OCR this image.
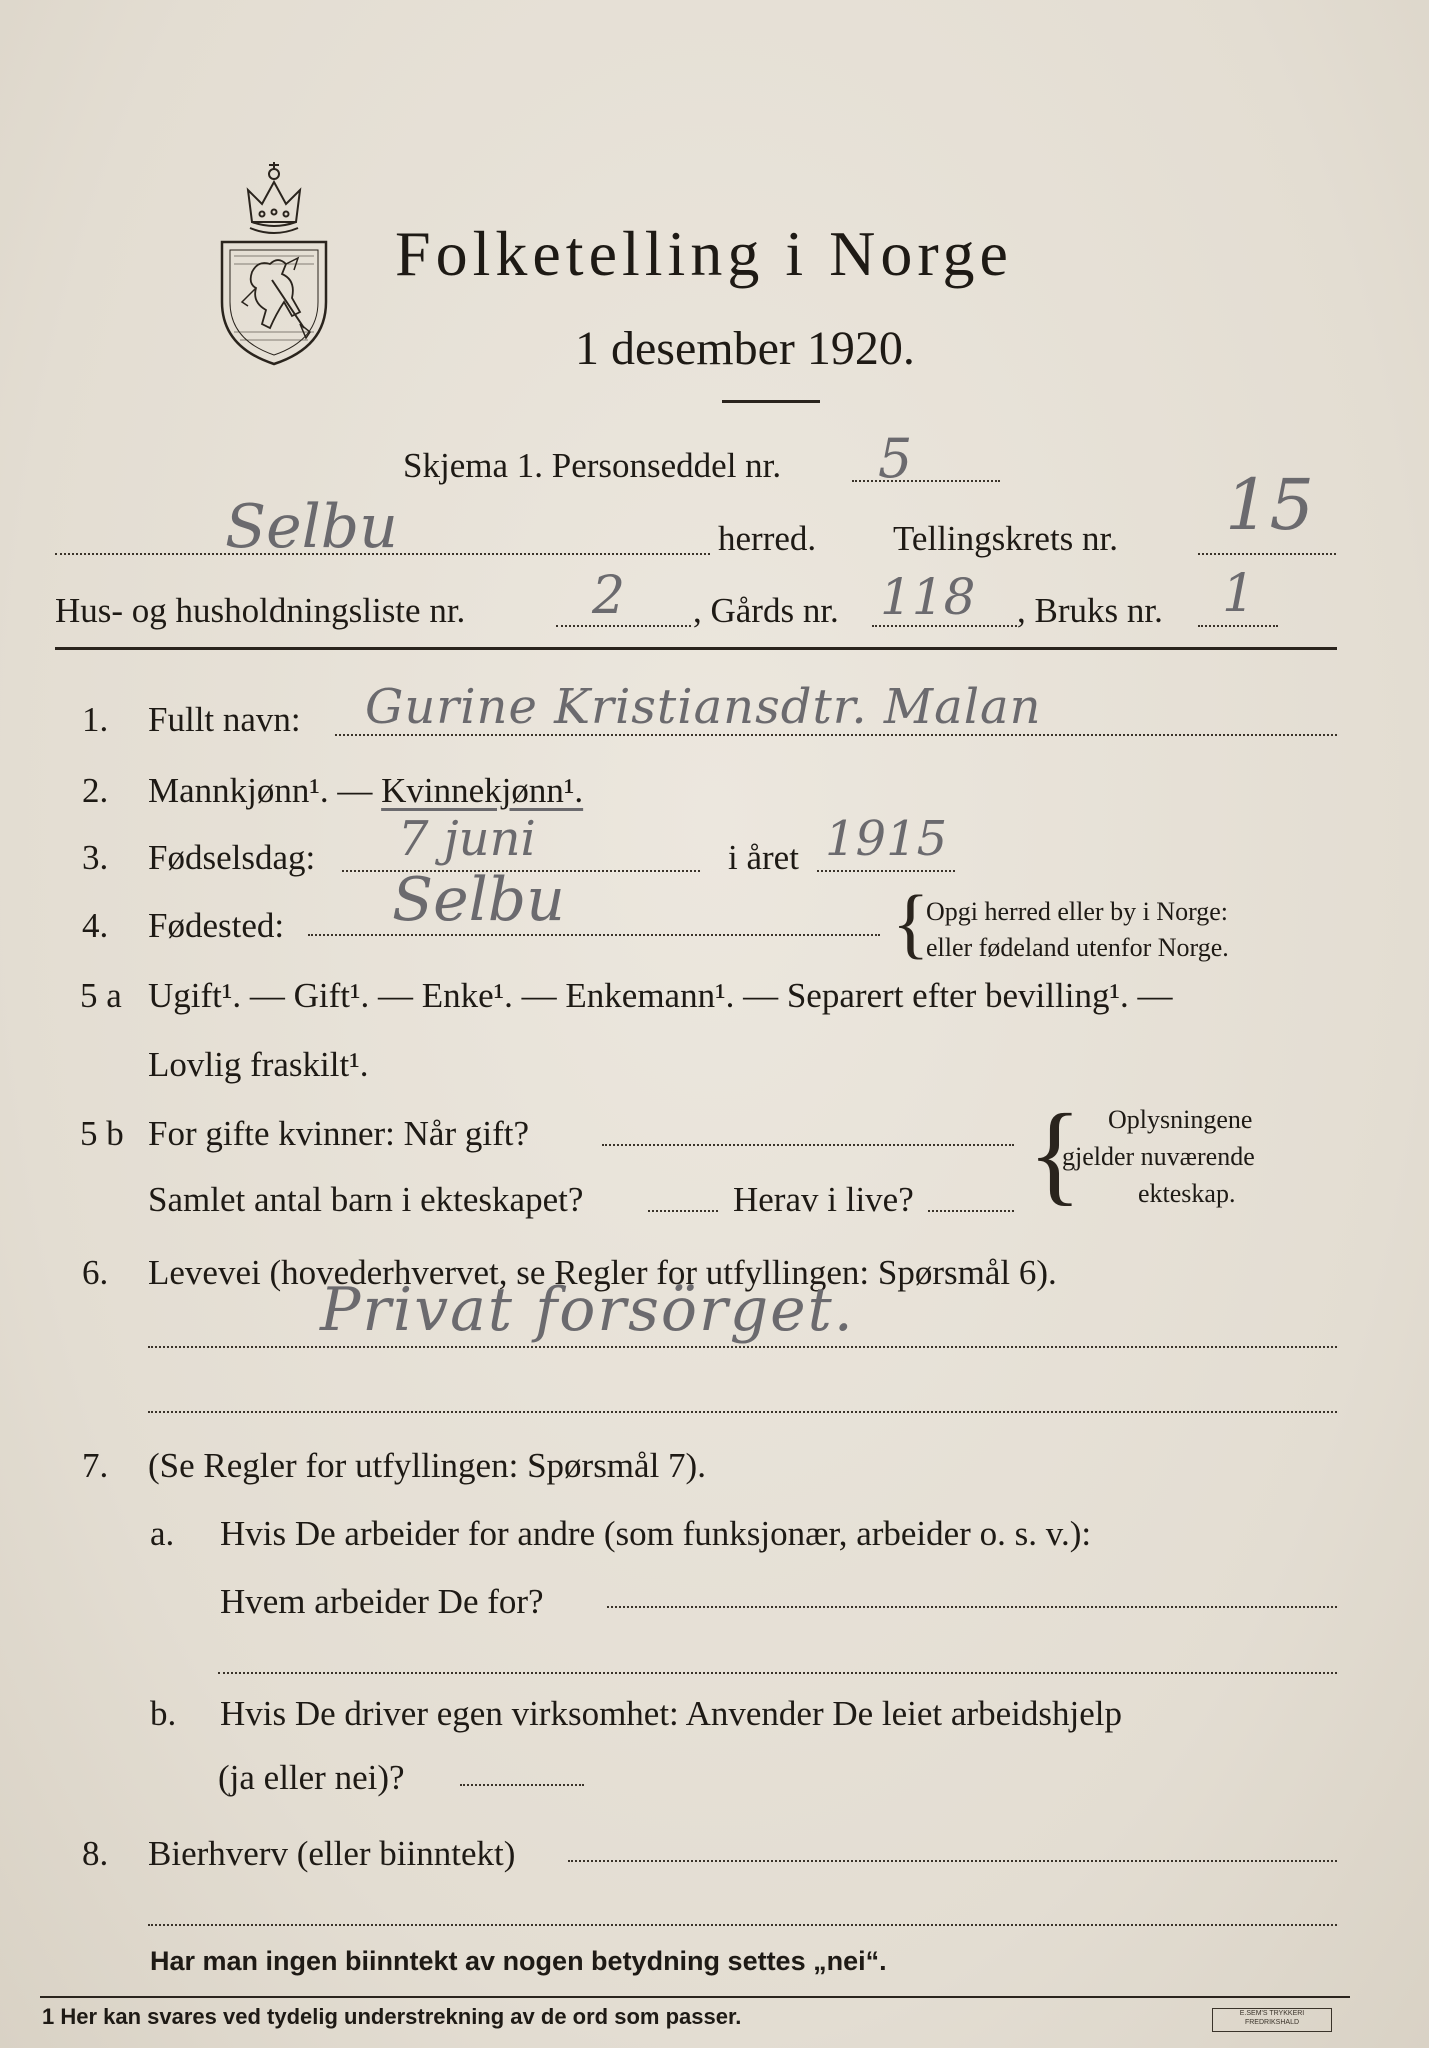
Folketelling i Norge
1 desember 1920.
Skjema 1. Personseddel nr. 5
Selbu	herred. Tellingskrets nr. 15
Hus- og husholdningsliste nr. 2 , Gårds nr. 118 , Bruks nr. 1
1. Fullt navn: Gurine Kristiansdtr. Malan
2. Mannkjønn¹. — Kvinnekjønn¹.
3. Fødselsdag: 7 juni	i året 1915
4. Fødested: Selbu	{
Opgi herred eller by i Norge:
eller fødeland utenfor Norge.
5 a Ugift¹. — Gift¹. — Enke¹. — Enkemann¹. — Separert efter bevilling¹. —
Lovlig fraskilt¹.
5 b For gifte kvinner: Når gift?
Samlet antal barn i ekteskapet?	Herav i live? { Oplysningene
gjelder nuværende
ekteskap.
6. Levevei (hovederhvervet, se Regler for utfyllingen: Spørsmål 6).
Privat forsörget.
7. (Se Regler for utfyllingen: Spørsmål 7).
a. Hvis De arbeider for andre (som funksjonær, arbeider o. s. v.):
Hvem arbeider De for?
b. Hvis De driver egen virksomhet: Anvender De leiet arbeidshjelp
(ja eller nei)?
8. Bierhverv (eller biinntekt)
Har man ingen biinntekt av nogen betydning settes „nei“.
1 Her kan svares ved tydelig understrekning av de ord som passer.	E.SEM'S TRYKKERI
FREDRIKSHALD
